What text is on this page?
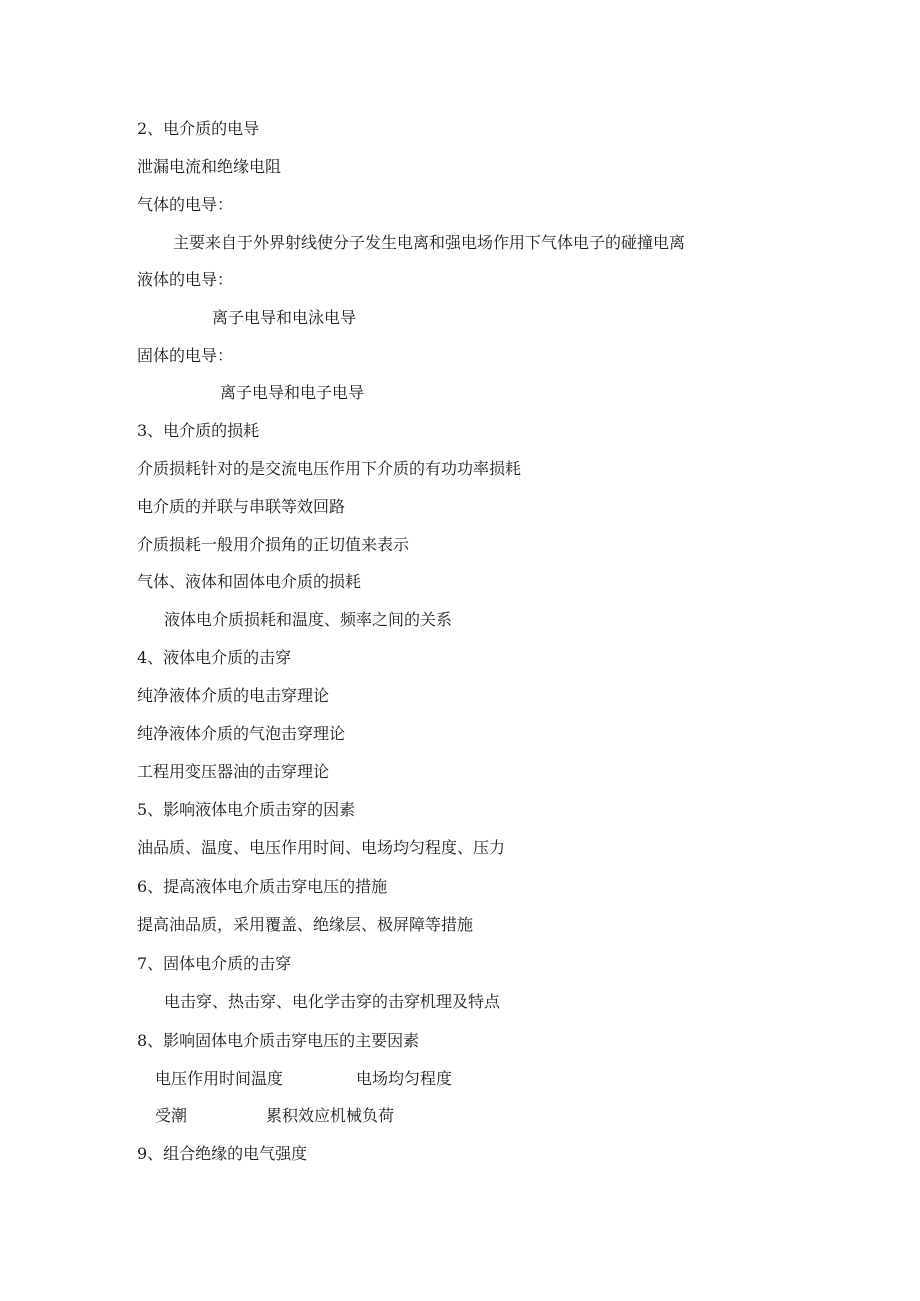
2、电介质的电导
泄漏电流和绝缘电阻
气体的电导：
主要来自于外界射线使分子发生电离和强电场作用下气体电子的碰撞电离
液体的电导：
离子电导和电泳电导
固体的电导：
离子电导和电子电导
3、电介质的损耗
介质损耗针对的是交流电压作用下介质的有功功率损耗
电介质的并联与串联等效回路
介质损耗一般用介损角的正切值来表示
气体、液体和固体电介质的损耗
液体电介质损耗和温度、频率之间的关系
4、液体电介质的击穿
纯净液体介质的电击穿理论
纯净液体介质的气泡击穿理论
工程用变压器油的击穿理论
5、影响液体电介质击穿的因素
油品质、温度、电压作用时间、电场均匀程度、压力
6、提高液体电介质击穿电压的措施
提高油品质，采用覆盖、绝缘层、极屏障等措施
7、固体电介质的击穿
电击穿、热击穿、电化学击穿的击穿机理及特点
8、影响固体电介质击穿电压的主要因素
电压作用时间温度	电场均匀程度
受潮	累积效应机械负荷
9、组合绝缘的电气强度
